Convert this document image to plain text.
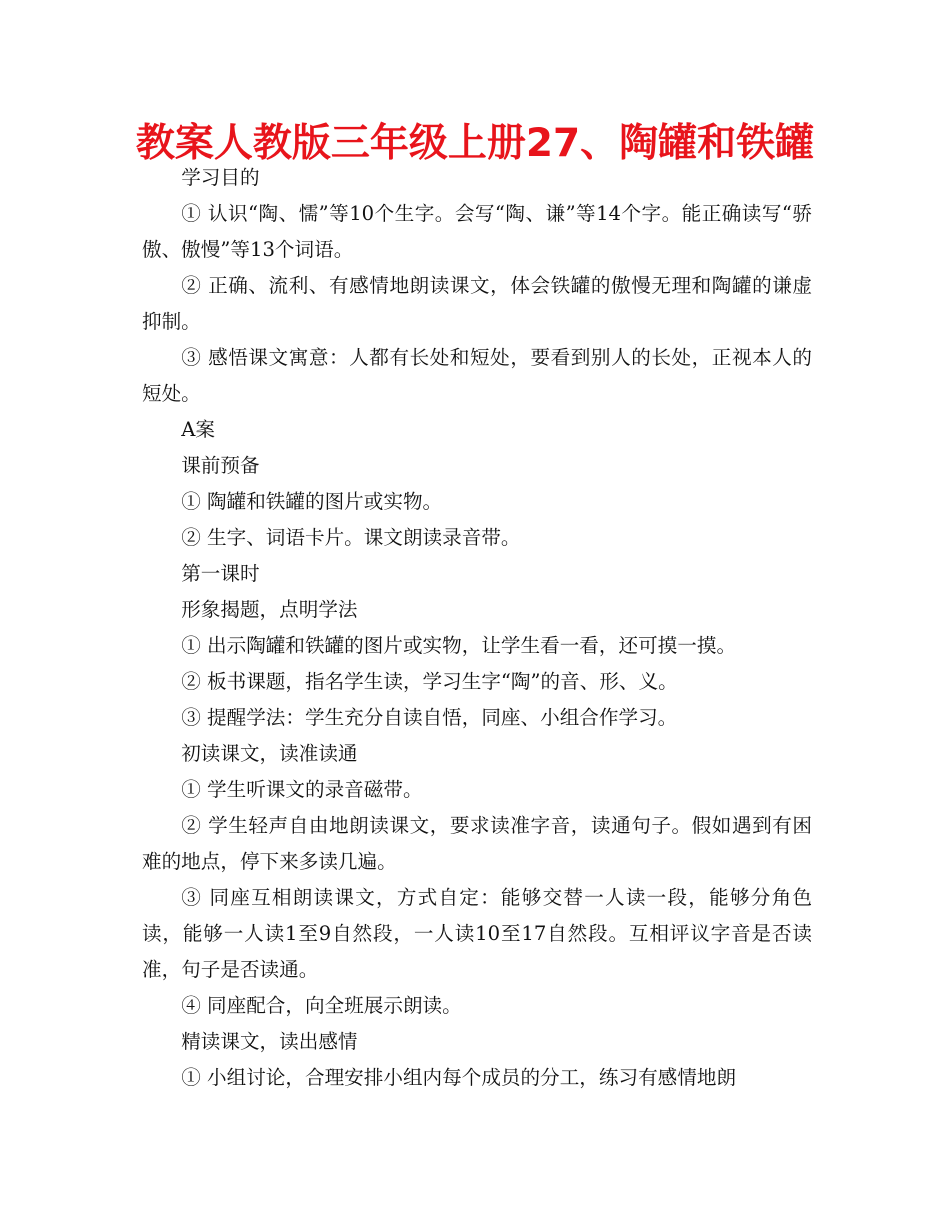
教案人教版三年级上册27、陶罐和铁罐

学习目的

① 认识“陶、懦”等10个生字。会写“陶、谦”等14个字。能正确读写“骄傲、傲慢”等13个词语。

② 正确、流利、有感情地朗读课文，体会铁罐的傲慢无理和陶罐的谦虚抑制。

③ 感悟课文寓意：人都有长处和短处，要看到别人的长处，正视本人的短处。

A案

课前预备

① 陶罐和铁罐的图片或实物。

② 生字、词语卡片。课文朗读录音带。

第一课时

形象揭题，点明学法

① 出示陶罐和铁罐的图片或实物，让学生看一看，还可摸一摸。

② 板书课题，指名学生读，学习生字“陶”的音、形、义。

③ 提醒学法：学生充分自读自悟，同座、小组合作学习。

初读课文，读准读通

① 学生听课文的录音磁带。

② 学生轻声自由地朗读课文，要求读准字音，读通句子。假如遇到有困难的地点，停下来多读几遍。

③ 同座互相朗读课文，方式自定：能够交替一人读一段，能够分角色读，能够一人读1至9自然段，一人读10至17自然段。互相评议字音是否读准，句子是否读通。

④ 同座配合，向全班展示朗读。

精读课文，读出感情

① 小组讨论，合理安排小组内每个成员的分工，练习有感情地朗
